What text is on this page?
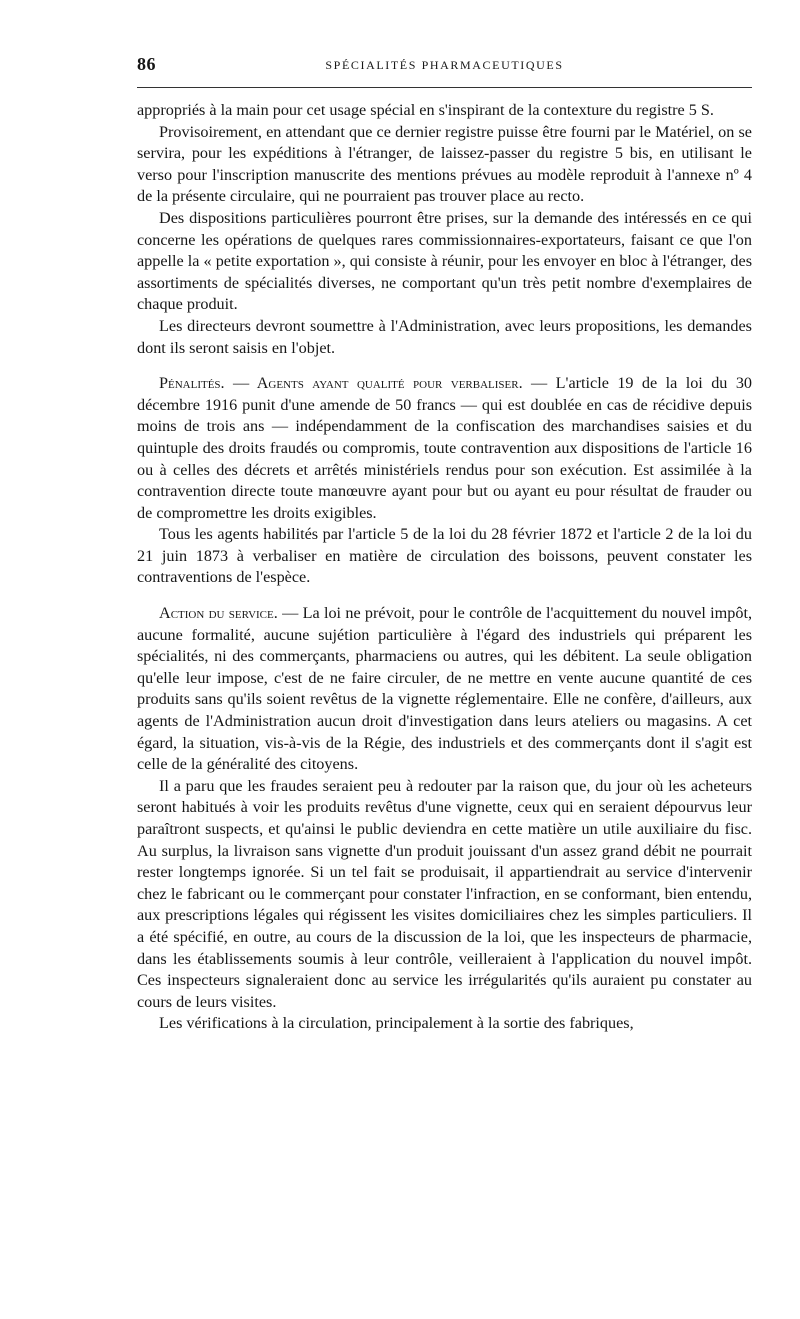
86	SPÉCIALITÉS PHARMACEUTIQUES

appropriés à la main pour cet usage spécial en s'inspirant de la contexture du registre 5 S.

Provisoirement, en attendant que ce dernier registre puisse être fourni par le Matériel, on se servira, pour les expéditions à l'étranger, de laissez-passer du registre 5 bis, en utilisant le verso pour l'inscription manuscrite des mentions prévues au modèle reproduit à l'annexe nº 4 de la présente circulaire, qui ne pourraient pas trouver place au recto.

Des dispositions particulières pourront être prises, sur la demande des intéressés en ce qui concerne les opérations de quelques rares commissionnaires-exportateurs, faisant ce que l'on appelle la « petite exportation », qui consiste à réunir, pour les envoyer en bloc à l'étranger, des assortiments de spécialités diverses, ne comportant qu'un très petit nombre d'exemplaires de chaque produit.

Les directeurs devront soumettre à l'Administration, avec leurs propositions, les demandes dont ils seront saisis en l'objet.

Pénalités. — Agents ayant qualité pour verbaliser. — L'article 19 de la loi du 30 décembre 1916 punit d'une amende de 50 francs — qui est doublée en cas de récidive depuis moins de trois ans — indépendamment de la confiscation des marchandises saisies et du quintuple des droits fraudés ou compromis, toute contravention aux dispositions de l'article 16 ou à celles des décrets et arrêtés ministériels rendus pour son exécution. Est assimilée à la contravention directe toute manœuvre ayant pour but ou ayant eu pour résultat de frauder ou de compromettre les droits exigibles.

Tous les agents habilités par l'article 5 de la loi du 28 février 1872 et l'article 2 de la loi du 21 juin 1873 à verbaliser en matière de circulation des boissons, peuvent constater les contraventions de l'espèce.

Action du service. — La loi ne prévoit, pour le contrôle de l'acquittement du nouvel impôt, aucune formalité, aucune sujétion particulière à l'égard des industriels qui préparent les spécialités, ni des commerçants, pharmaciens ou autres, qui les débitent. La seule obligation qu'elle leur impose, c'est de ne faire circuler, de ne mettre en vente aucune quantité de ces produits sans qu'ils soient revêtus de la vignette réglementaire. Elle ne confère, d'ailleurs, aux agents de l'Administration aucun droit d'investigation dans leurs ateliers ou magasins. A cet égard, la situation, vis-à-vis de la Régie, des industriels et des commerçants dont il s'agit est celle de la généralité des citoyens.

Il a paru que les fraudes seraient peu à redouter par la raison que, du jour où les acheteurs seront habitués à voir les produits revêtus d'une vignette, ceux qui en seraient dépourvus leur paraîtront suspects, et qu'ainsi le public deviendra en cette matière un utile auxiliaire du fisc. Au surplus, la livraison sans vignette d'un produit jouissant d'un assez grand débit ne pourrait rester longtemps ignorée. Si un tel fait se produisait, il appartiendrait au service d'intervenir chez le fabricant ou le commerçant pour constater l'infraction, en se conformant, bien entendu, aux prescriptions légales qui régissent les visites domiciliaires chez les simples particuliers. Il a été spécifié, en outre, au cours de la discussion de la loi, que les inspecteurs de pharmacie, dans les établissements soumis à leur contrôle, veilleraient à l'application du nouvel impôt. Ces inspecteurs signaleraient donc au service les irrégularités qu'ils auraient pu constater au cours de leurs visites.

Les vérifications à la circulation, principalement à la sortie des fabriques,
